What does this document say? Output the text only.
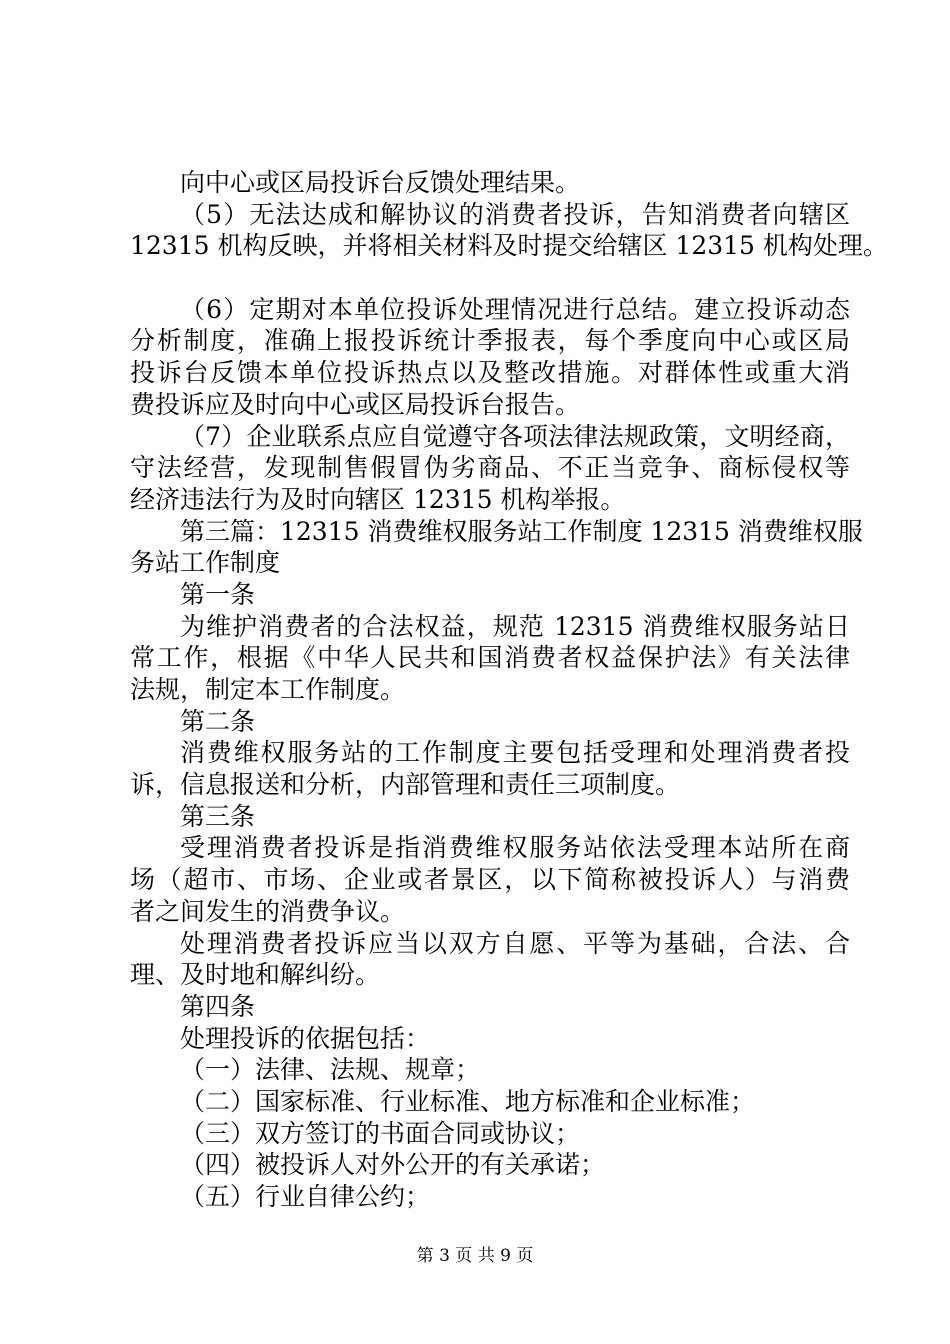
向中心或区局投诉台反馈处理结果。
（5）无法达成和解协议的消费者投诉，告知消费者向辖区
12315 机构反映，并将相关材料及时提交给辖区 12315 机构处理。
（6）定期对本单位投诉处理情况进行总结。建立投诉动态
分析制度，准确上报投诉统计季报表，每个季度向中心或区局
投诉台反馈本单位投诉热点以及整改措施。对群体性或重大消
费投诉应及时向中心或区局投诉台报告。
（7）企业联系点应自觉遵守各项法律法规政策，文明经商，
守法经营，发现制售假冒伪劣商品、不正当竞争、商标侵权等
经济违法行为及时向辖区 12315 机构举报。
第三篇：12315 消费维权服务站工作制度 12315 消费维权服
务站工作制度
第一条
为维护消费者的合法权益，规范 12315 消费维权服务站日
常工作，根据《中华人民共和国消费者权益保护法》有关法律
法规，制定本工作制度。
第二条
消费维权服务站的工作制度主要包括受理和处理消费者投
诉，信息报送和分析，内部管理和责任三项制度。
第三条
受理消费者投诉是指消费维权服务站依法受理本站所在商
场（超市、市场、企业或者景区，以下简称被投诉人）与消费
者之间发生的消费争议。
处理消费者投诉应当以双方自愿、平等为基础，合法、合
理、及时地和解纠纷。
第四条
处理投诉的依据包括：
（一）法律、法规、规章；
（二）国家标准、行业标准、地方标准和企业标准；
（三）双方签订的书面合同或协议；
（四）被投诉人对外公开的有关承诺；
（五）行业自律公约；
第 3 页 共 9 页
